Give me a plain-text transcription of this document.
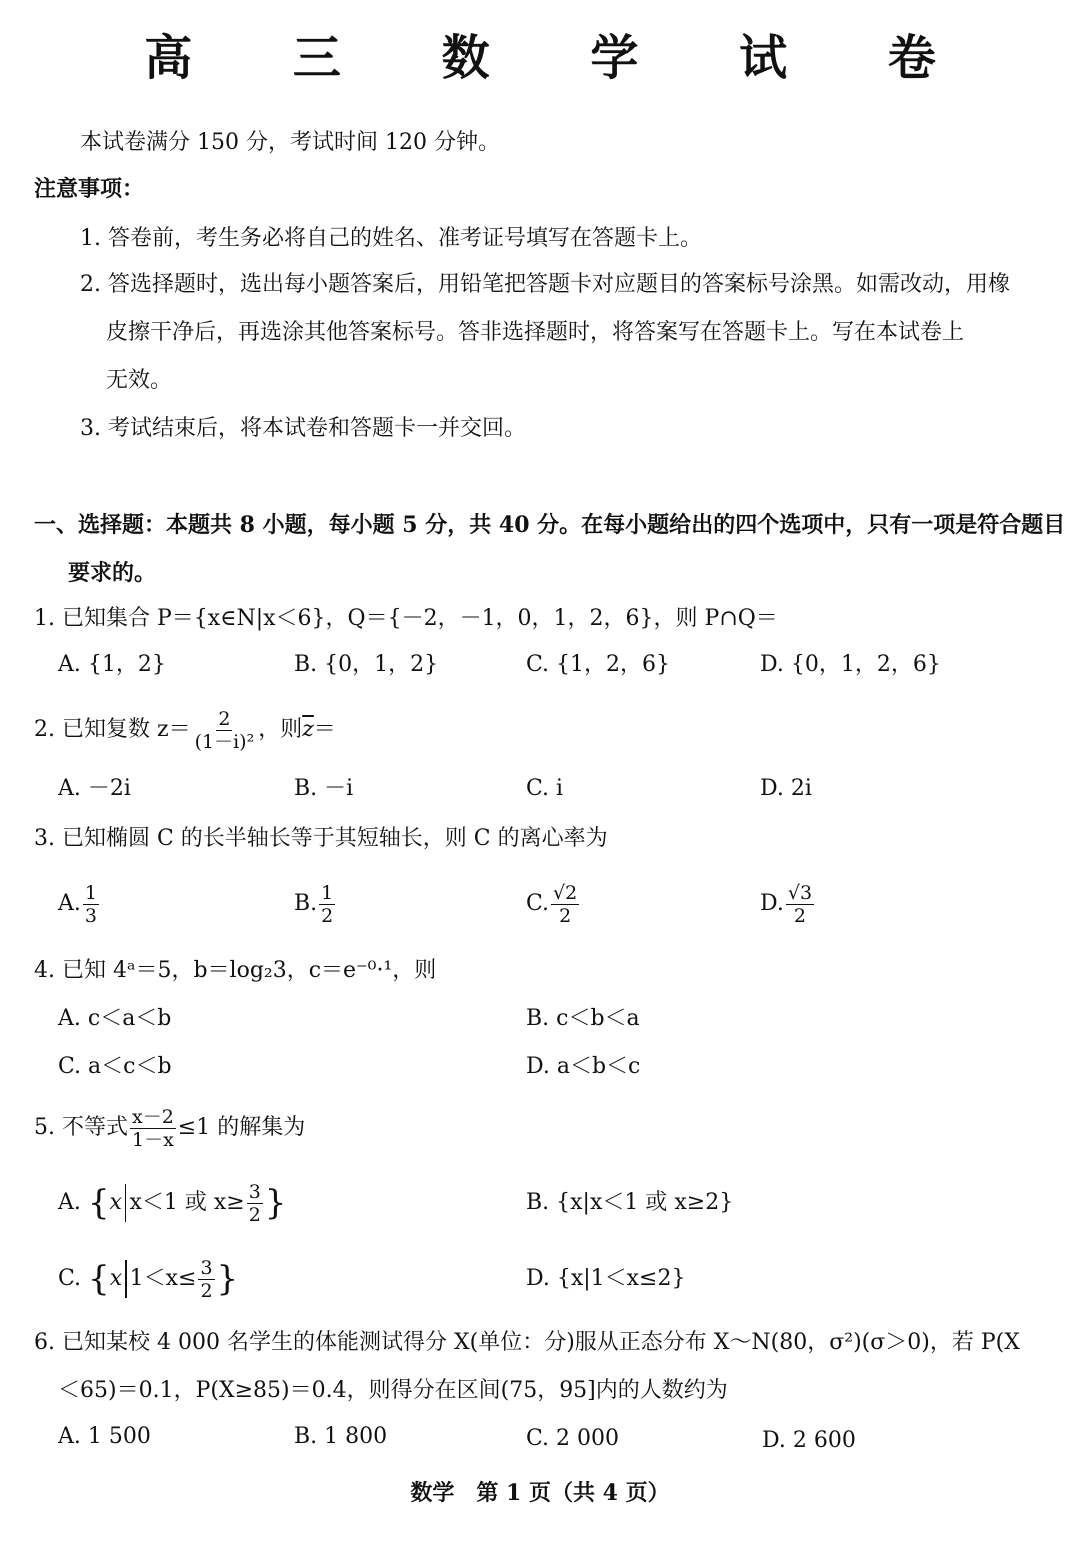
高 三 数 学 试 卷
本试卷满分 150 分，考试时间 120 分钟。
注意事项：
1. 答卷前，考生务必将自己的姓名、准考证号填写在答题卡上。
2. 答选择题时，选出每小题答案后，用铅笔把答题卡对应题目的答案标号涂黑。如需改动，用橡
皮擦干净后，再选涂其他答案标号。答非选择题时，将答案写在答题卡上。写在本试卷上
无效。
3. 考试结束后，将本试卷和答题卡一并交回。
一、选择题：本题共 8 小题，每小题 5 分，共 40 分。在每小题给出的四个选项中，只有一项是符合题目
要求的。
1. 已知集合 P＝{x∈N|x＜6}，Q＝{－2，－1，0，1，2，6}，则 P∩Q＝
A. {1，2}	B. {0，1，2}	C. {1，2，6}	D. {0，1，2，6}
2. 已知复数 $z= \frac{2}{\text{(1－i)²}}$ ，则$\overline{z}=$
A. －2i	B. －i	C. i	D. 2i
3. 已知椭圆 C 的长半轴长等于其短轴长，则 C 的离心率为
A. $\frac{1}{3}$	B. $\frac{1}{2}$	C. $\frac{√2}{2}$	D. $\frac{√3}{2}$
4. 已知 4ᵃ＝5，b＝log₂3，c＝e⁻⁰·¹，则
A. c＜a＜b	B. c＜b＜a
C. a＜c＜b	D. a＜b＜c
5. 不等式 $\frac{x-2}{1-x} \le 1$ 的解集为
A. {x x＜1 或 $x\ge \frac{3}{2}$ }	B. {x|x＜1 或 x≥2}
C. {x $1<x\le \frac{3}{2}$ }	D. {x|1＜x≤2}
6. 已知某校 4 000 名学生的体能测试得分 X(单位：分)服从正态分布 X～N(80，σ²)(σ＞0)，若 P(X
＜65)＝0.1，P(X≥85)＝0.4，则得分在区间(75，95]内的人数约为
A. 1 500	B. 1 800	C. 2 000	D. 2 600
数学　第 1 页（共 4 页）
